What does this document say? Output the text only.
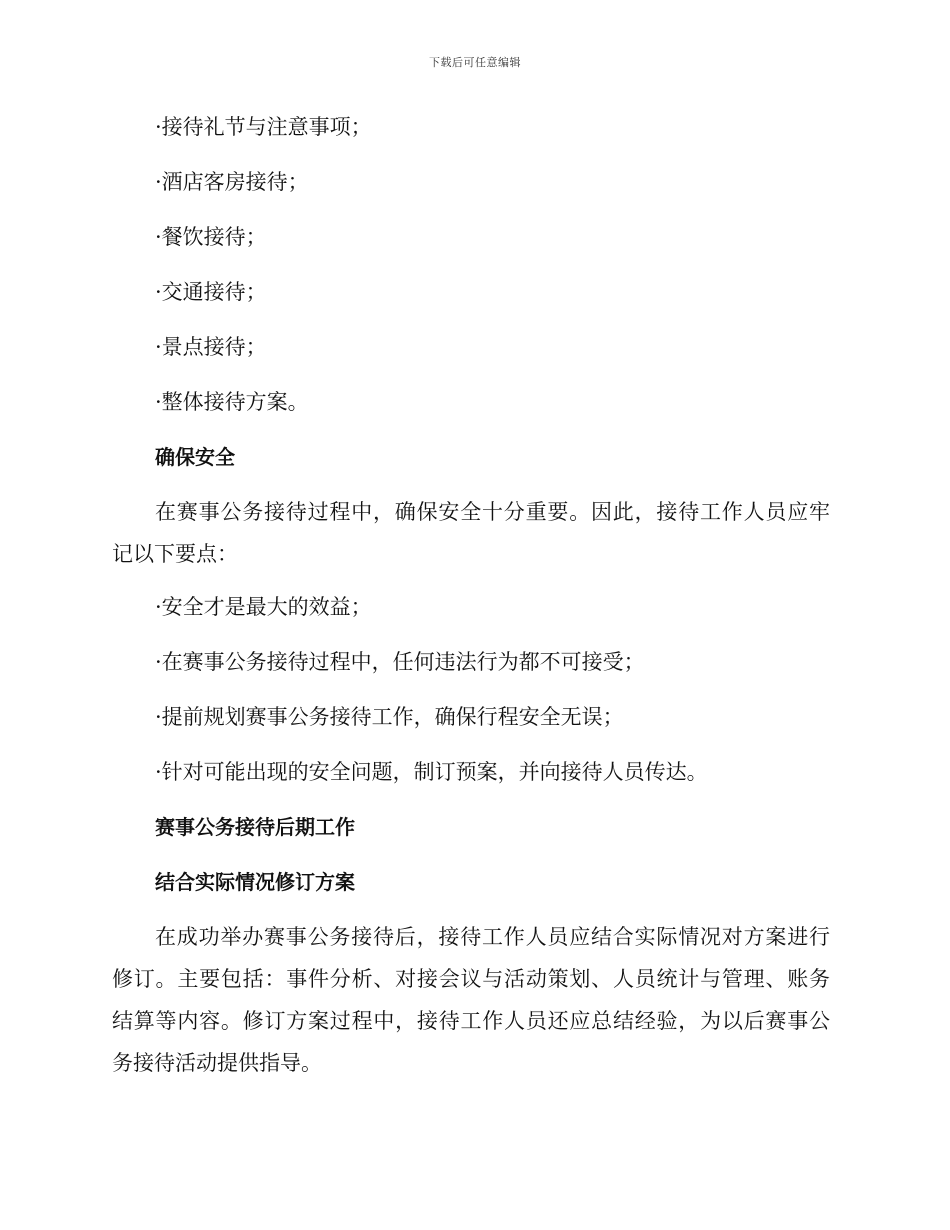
下载后可任意编辑
·接待礼节与注意事项；
·酒店客房接待；
·餐饮接待；
·交通接待；
·景点接待；
·整体接待方案。
确保安全
在赛事公务接待过程中，确保安全十分重要。因此，接待工作人员应牢
记以下要点：
·安全才是最大的效益；
·在赛事公务接待过程中，任何违法行为都不可接受；
·提前规划赛事公务接待工作，确保行程安全无误；
·针对可能出现的安全问题，制订预案，并向接待人员传达。
赛事公务接待后期工作
结合实际情况修订方案
在成功举办赛事公务接待后，接待工作人员应结合实际情况对方案进行
修订。主要包括：事件分析、对接会议与活动策划、人员统计与管理、账务
结算等内容。修订方案过程中，接待工作人员还应总结经验，为以后赛事公
务接待活动提供指导。
